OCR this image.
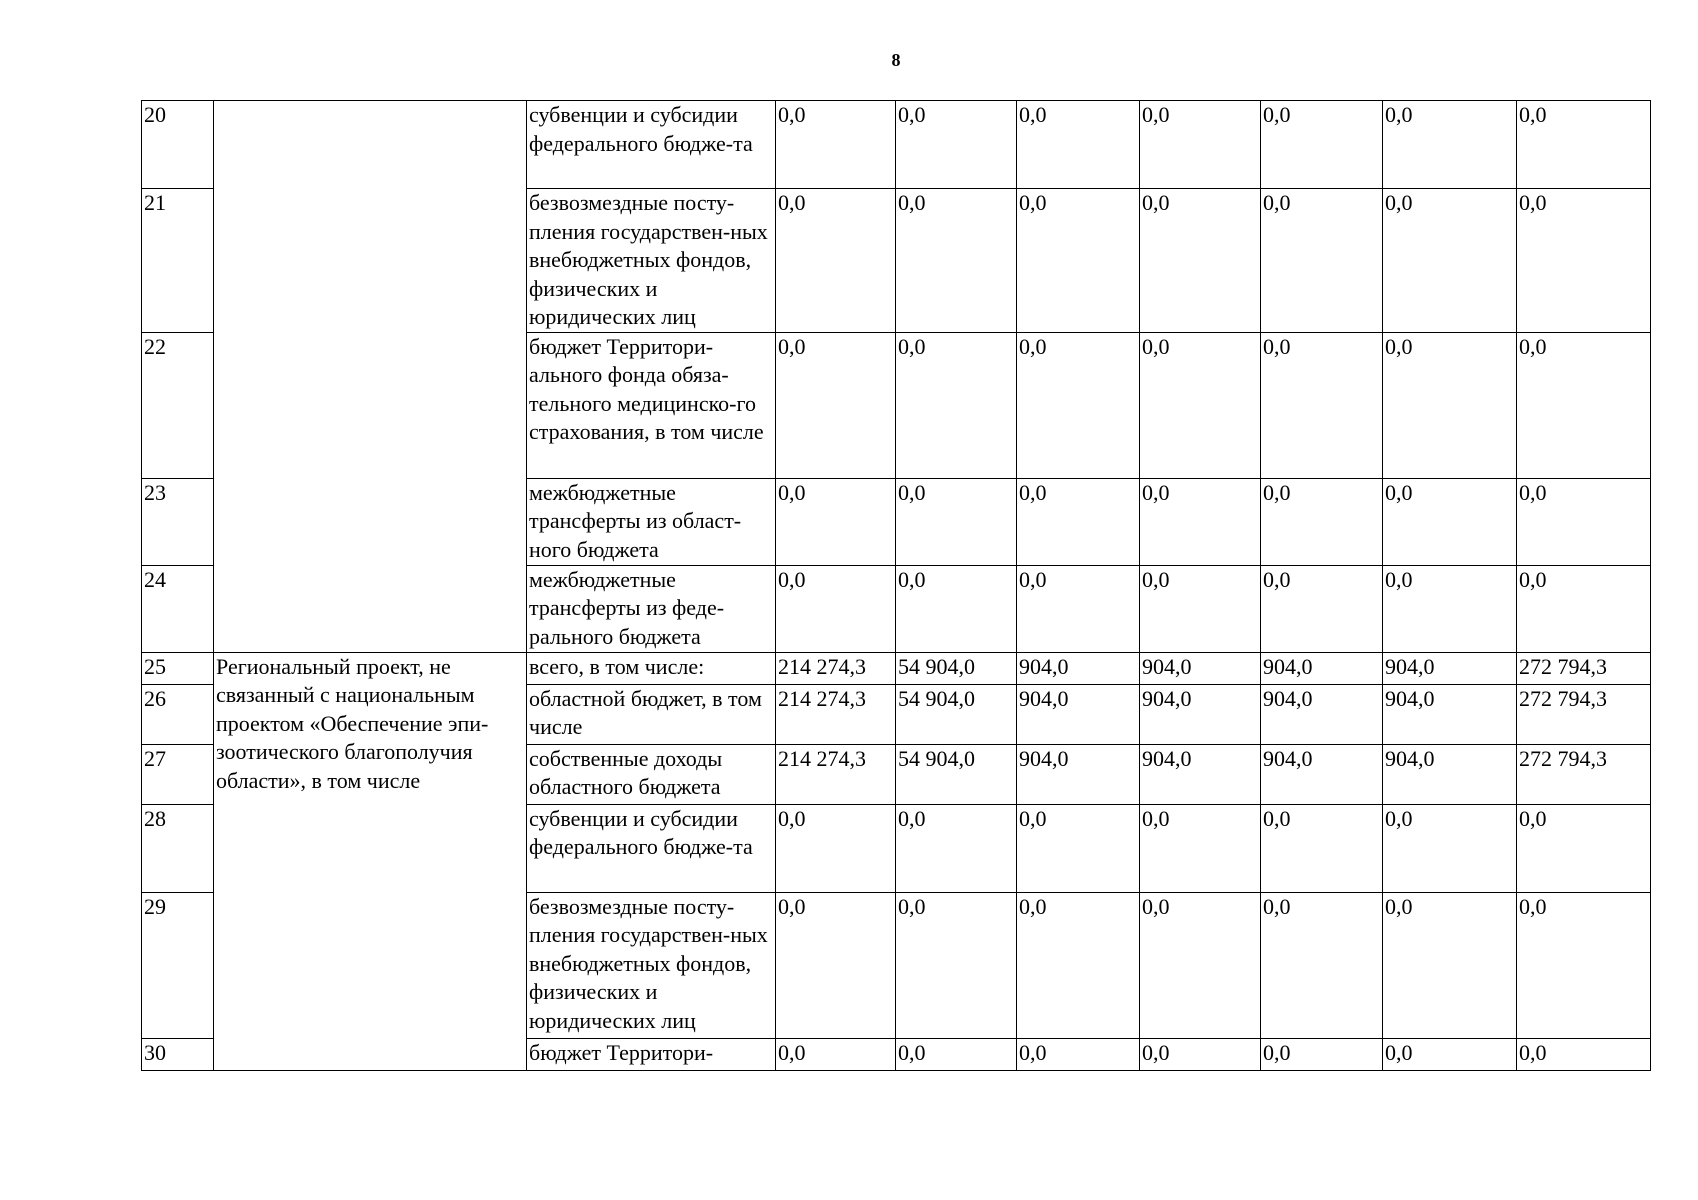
8
20		субвенции и субсидии федерального бюдже-та	0,0	0,0	0,0	0,0	0,0	0,0	0,0
21		безвозмездные посту-пления государствен-ных внебюджетных фондов, физических и юридических лиц	0,0	0,0	0,0	0,0	0,0	0,0	0,0
22		бюджет Территори-ального фонда обяза-тельного медицинско-го страхования, в том числе	0,0	0,0	0,0	0,0	0,0	0,0	0,0
23		межбюджетные трансферты из област-ного бюджета	0,0	0,0	0,0	0,0	0,0	0,0	0,0
24		межбюджетные трансферты из феде-рального бюджета	0,0	0,0	0,0	0,0	0,0	0,0	0,0
25	Региональный проект, не связанный с национальным проектом «Обеспечение эпи-зоотического благополучия области», в том числе	всего, в том числе:	214 274,3	54 904,0	904,0	904,0	904,0	904,0	272 794,3
26		областной бюджет, в том числе	214 274,3	54 904,0	904,0	904,0	904,0	904,0	272 794,3
27		собственные доходы областного бюджета	214 274,3	54 904,0	904,0	904,0	904,0	904,0	272 794,3
28		субвенции и субсидии федерального бюдже-та	0,0	0,0	0,0	0,0	0,0	0,0	0,0
29		безвозмездные посту-пления государствен-ных внебюджетных фондов, физических и юридических лиц	0,0	0,0	0,0	0,0	0,0	0,0	0,0
30		бюджет Территори-	0,0	0,0	0,0	0,0	0,0	0,0	0,0
